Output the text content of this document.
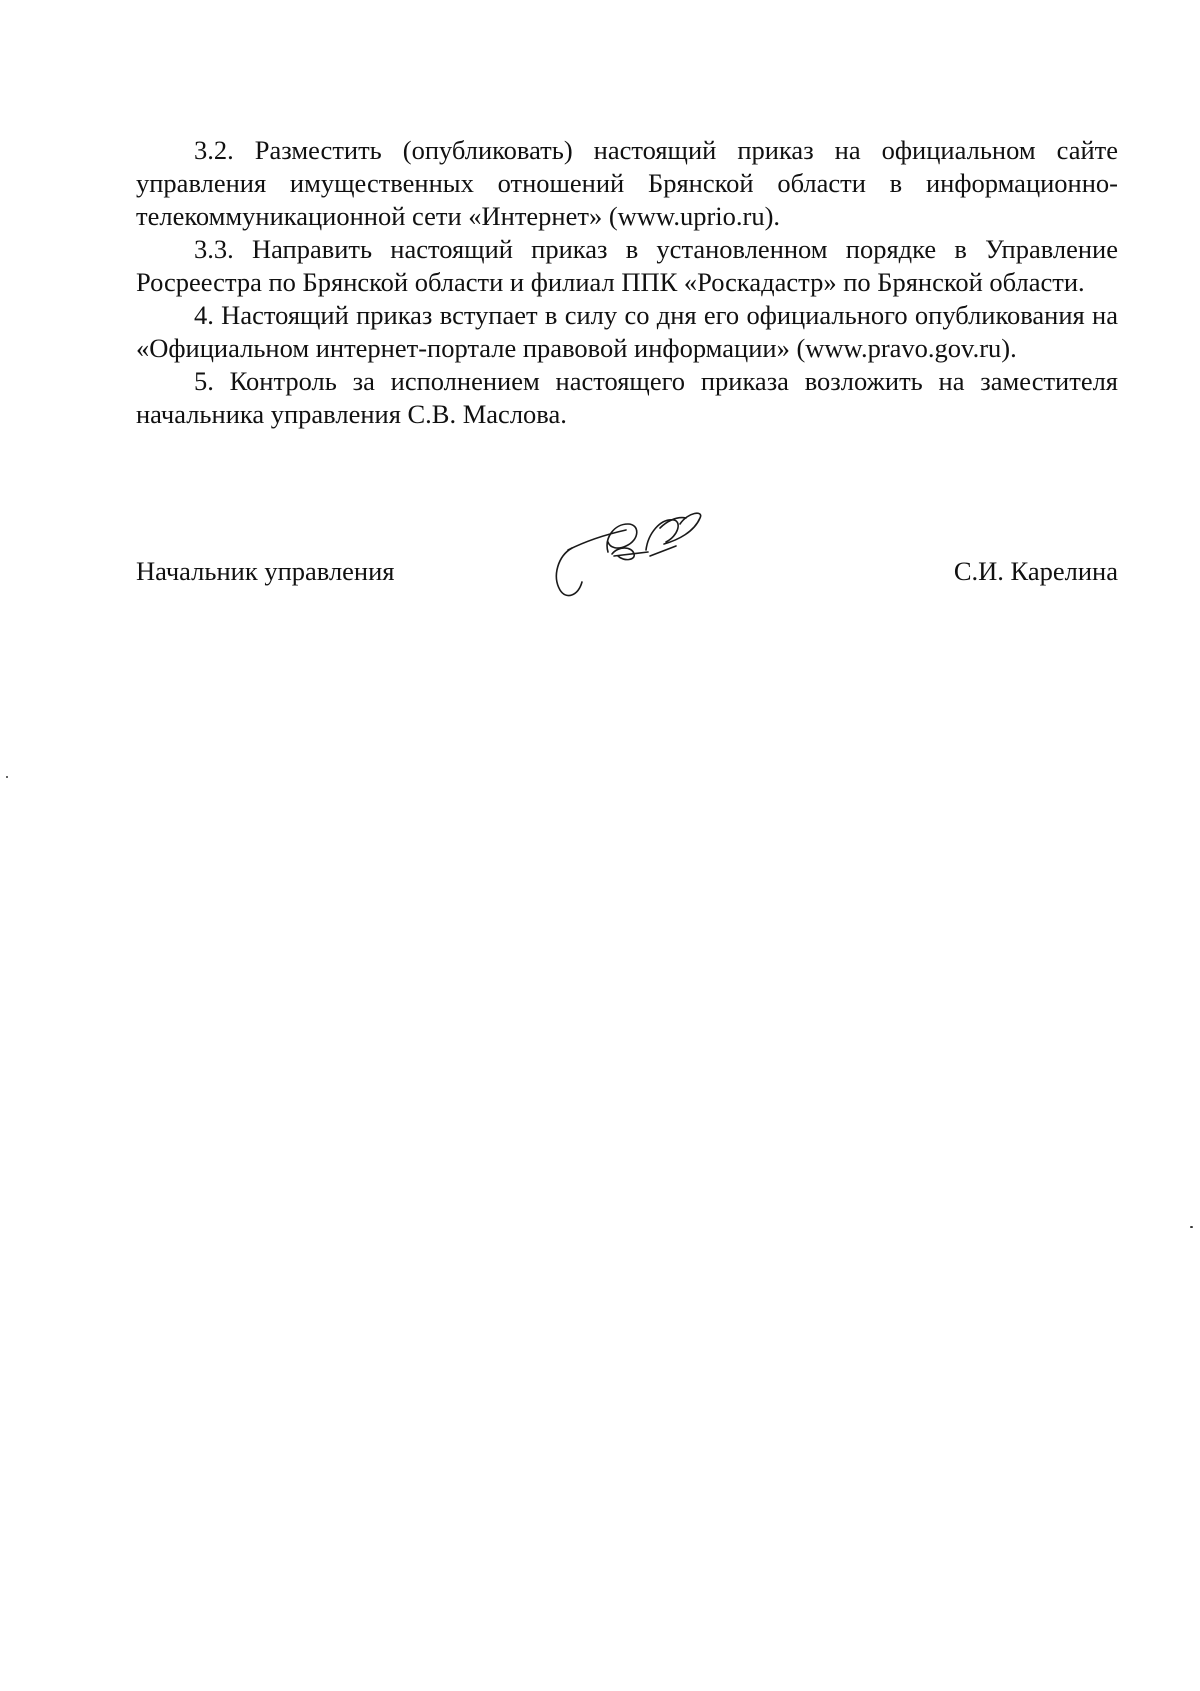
3.2. Разместить (опубликовать) настоящий приказ на официальном сайте управления имущественных отношений Брянской области в информационно-телекоммуникационной сети «Интернет» (www.uprio.ru).

3.3. Направить настоящий приказ в установленном порядке в Управление Росреестра по Брянской области и филиал ППК «Роскадастр» по Брянской области.

4. Настоящий приказ вступает в силу со дня его официального опубликования на «Официальном интернет-портале правовой информации» (www.pravo.gov.ru).

5. Контроль за исполнением настоящего приказа возложить на заместителя начальника управления С.В. Маслова.

Начальник управления	С.И. Карелина
